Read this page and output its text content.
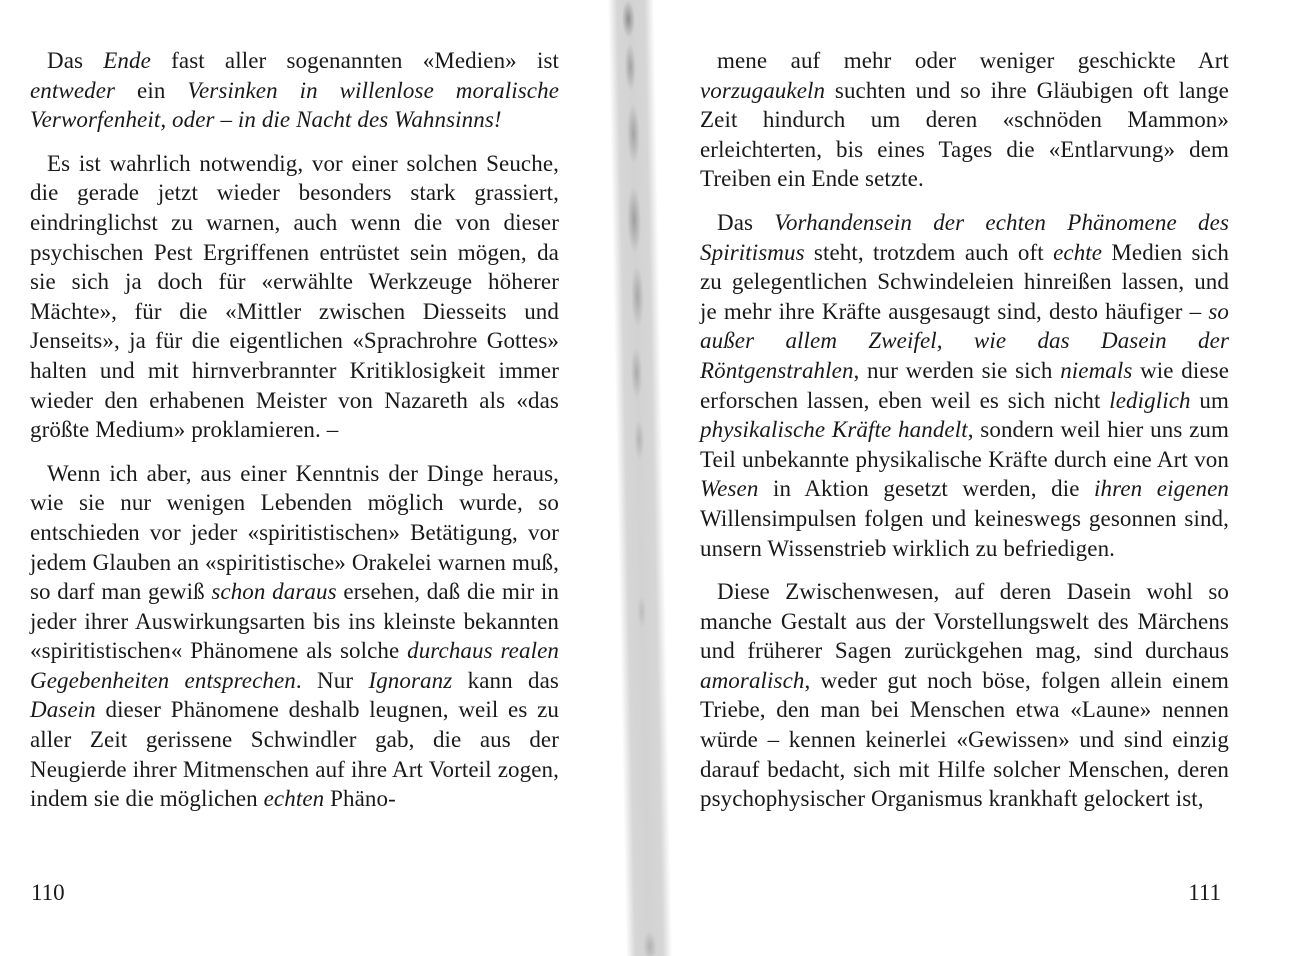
Das Ende fast aller sogenannten «Medien» ist entweder ein Versinken in willenlose moralische Verworfenheit, oder – in die Nacht des Wahnsinns!

Es ist wahrlich notwendig, vor einer solchen Seuche, die gerade jetzt wieder besonders stark grassiert, eindringlichst zu warnen, auch wenn die von dieser psychischen Pest Ergriffenen entrüstet sein mögen, da sie sich ja doch für «erwählte Werkzeuge höherer Mächte», für die «Mittler zwischen Diesseits und Jenseits», ja für die eigentlichen «Sprachrohre Gottes» halten und mit hirnverbrannter Kritiklosigkeit immer wieder den erhabenen Meister von Nazareth als «das größte Medium» proklamieren. –

Wenn ich aber, aus einer Kenntnis der Dinge heraus, wie sie nur wenigen Lebenden möglich wurde, so entschieden vor jeder «spiritistischen» Betätigung, vor jedem Glauben an «spiritistische» Orakelei warnen muß, so darf man gewiß schon daraus ersehen, daß die mir in jeder ihrer Auswirkungsarten bis ins kleinste bekannten «spiritistischen« Phänomene als solche durchaus realen Gegebenheiten entsprechen. Nur Ignoranz kann das Dasein dieser Phänomene deshalb leugnen, weil es zu aller Zeit gerissene Schwindler gab, die aus der Neugierde ihrer Mitmenschen auf ihre Art Vorteil zogen, indem sie die möglichen echten Phäno-

mene auf mehr oder weniger geschickte Art vorzugaukeln suchten und so ihre Gläubigen oft lange Zeit hindurch um deren «schnöden Mammon» erleichterten, bis eines Tages die «Entlarvung» dem Treiben ein Ende setzte.

Das Vorhandensein der echten Phänomene des Spiritismus steht, trotzdem auch oft echte Medien sich zu gelegentlichen Schwindeleien hinreißen lassen, und je mehr ihre Kräfte ausgesaugt sind, desto häufiger – so außer allem Zweifel, wie das Dasein der Röntgenstrahlen, nur werden sie sich niemals wie diese erforschen lassen, eben weil es sich nicht lediglich um physikalische Kräfte handelt, sondern weil hier uns zum Teil unbekannte physikalische Kräfte durch eine Art von Wesen in Aktion gesetzt werden, die ihren eigenen Willensimpulsen folgen und keineswegs gesonnen sind, unsern Wissenstrieb wirklich zu befriedigen.

Diese Zwischenwesen, auf deren Dasein wohl so manche Gestalt aus der Vorstellungswelt des Märchens und früherer Sagen zurückgehen mag, sind durchaus amoralisch, weder gut noch böse, folgen allein einem Triebe, den man bei Menschen etwa «Laune» nennen würde – kennen keinerlei «Gewissen» und sind einzig darauf bedacht, sich mit Hilfe solcher Menschen, deren psychophysischer Organismus krankhaft gelockert ist,

110	111
